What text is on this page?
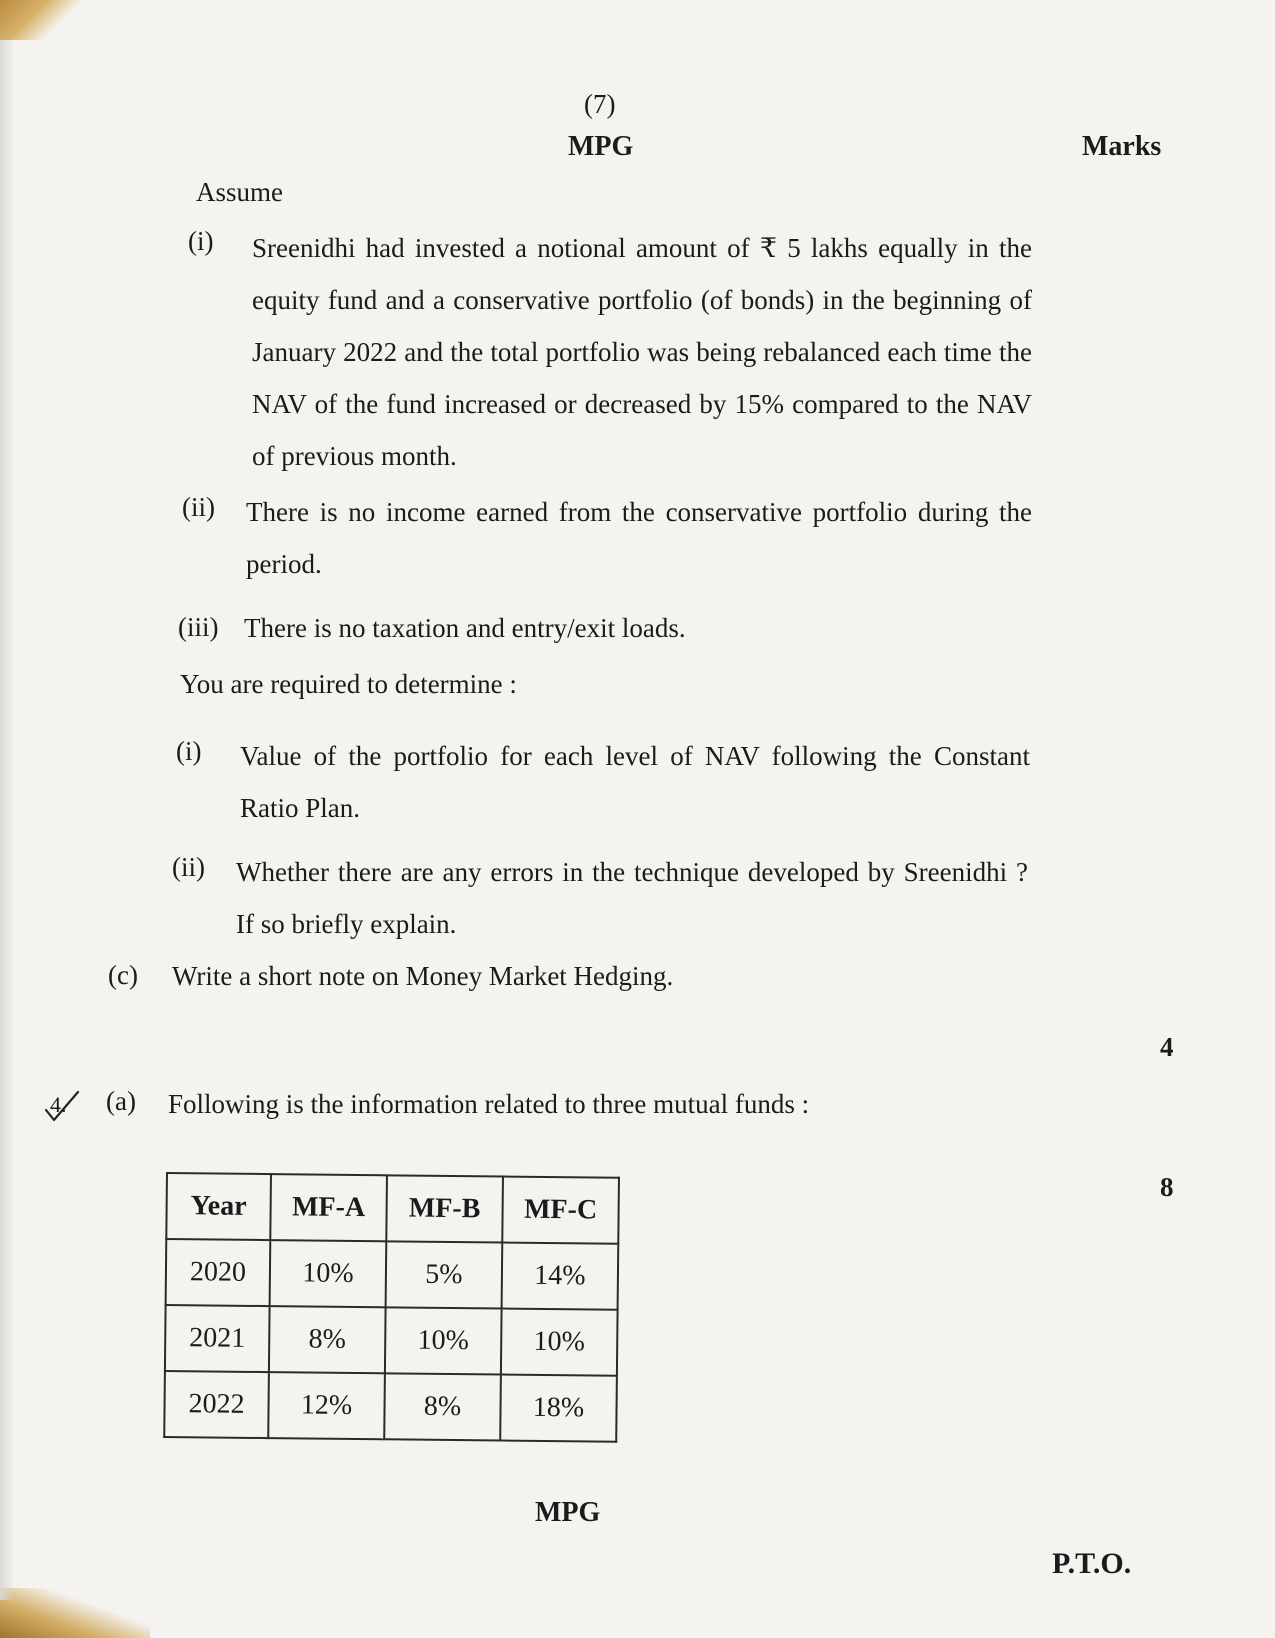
(7)
MPG	Marks
Assume
(i) Sreenidhi had invested a notional amount of ₹ 5 lakhs equally in the equity fund and a conservative portfolio (of bonds) in the beginning of January 2022 and the total portfolio was being rebalanced each time the NAV of the fund increased or decreased by 15% compared to the NAV of previous month.
(ii) There is no income earned from the conservative portfolio during the period.
(iii) There is no taxation and entry/exit loads.
You are required to determine :
(i) Value of the portfolio for each level of NAV following the Constant Ratio Plan.
(ii) Whether there are any errors in the technique developed by Sreenidhi ? If so briefly explain.
(c) Write a short note on Money Market Hedging.
4
4. (a) Following is the information related to three mutual funds :
8
Year	MF-A	MF-B	MF-C
2020	10%	5%	14%
2021	8%	10%	10%
2022	12%	8%	18%
MPG
P.T.O.
